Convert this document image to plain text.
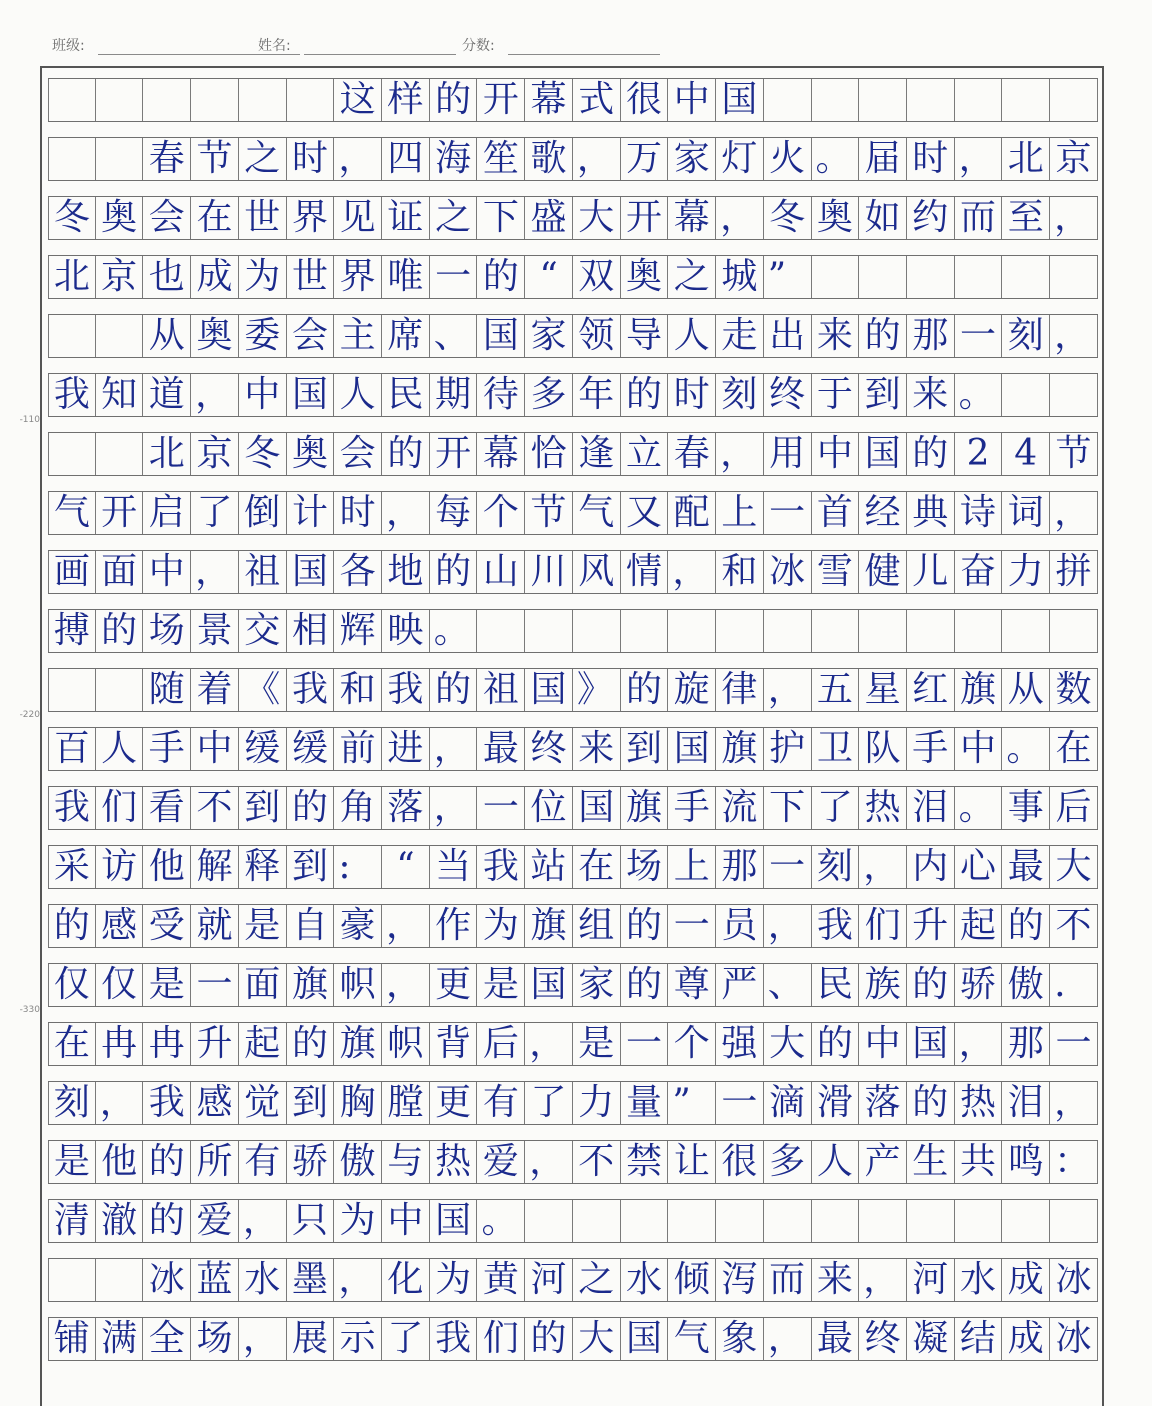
班级:	姓名:	分数:
这 样 的 开 幕 式 很 中 国
春 节 之 时 ， 四 海 笙 歌 ， 万 家 灯 火 。 届 时 ， 北 京
冬 奥 会 在 世 界 见 证 之 下 盛 大 开 幕 ， 冬 奥 如 约 而 至 ，
北 京 也 成 为 世 界 唯 一 的 “ 双 奥 之 城 ”
从 奥 委 会 主 席 、 国 家 领 导 人 走 出 来 的 那 一 刻 ，
我 知 道 ， 中 国 人 民 期 待 多 年 的 时 刻 终 于 到 来 。
北 京 冬 奥 会 的 开 幕 恰 逢 立 春 ， 用 中 国 的 2 4 节
气 开 启 了 倒 计 时 ， 每 个 节 气 又 配 上 一 首 经 典 诗 词 ，
画 面 中 ， 祖 国 各 地 的 山 川 风 情 ， 和 冰 雪 健 儿 奋 力 拼
搏 的 场 景 交 相 辉 映 。
随 着 《 我 和 我 的 祖 国 》 的 旋 律 ， 五 星 红 旗 从 数
百 人 手 中 缓 缓 前 进 ， 最 终 来 到 国 旗 护 卫 队 手 中 。 在
我 们 看 不 到 的 角 落 ， 一 位 国 旗 手 流 下 了 热 泪 。 事 后
采 访 他 解 释 到 :	“ 当 我 站 在 场 上 那 一 刻 ， 内 心 最 大
的 感 受 就 是 自 豪 ， 作 为 旗 组 的 一 员 ， 我 们 升 起 的 不
仅 仅 是 一 面 旗 帜 ， 更 是 国 家 的 尊 严 、 民 族 的 骄 傲 .
在 冉 冉 升 起 的 旗 帜 背 后 ， 是 一 个 强 大 的 中 国 ， 那 一
刻 ， 我 感 觉 到 胸 膛 更 有 了 力 量 ” 一 滴 滑 落 的 热 泪 ，
是 他 的 所 有 骄 傲 与 热 爱 ， 不 禁 让 很 多 人 产 生 共 鸣 ：
清 澈 的 爱 ， 只 为 中 国 。
冰 蓝 水 墨 ， 化 为 黄 河 之 水 倾 泻 而 来 ， 河 水 成 冰
铺 满 全 场 ， 展 示 了 我 们 的 大 国 气 象 ， 最 终 凝 结 成 冰
-110
-220
-330
